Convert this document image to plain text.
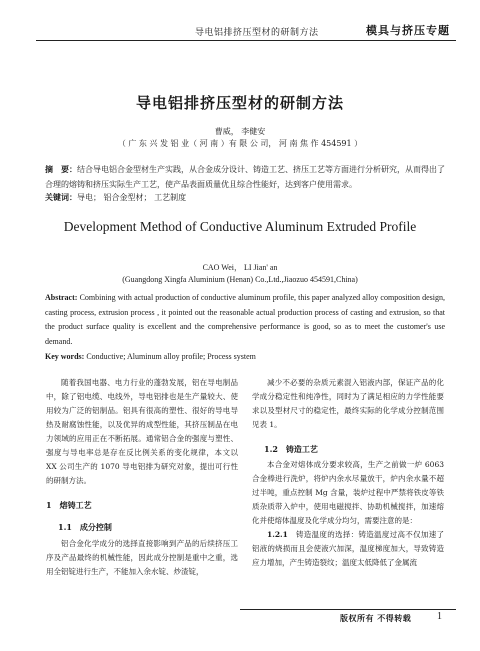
导电铝排挤压型材的研制方法	模具与挤压专题
导电铝排挤压型材的研制方法
曹威， 李健安
（ 广 东 兴 发 铝 业（ 河 南 ）有 限 公 司， 河 南 焦 作 454591 ）
摘　要：结合导电铝合金型材生产实践，从合金成分设计、铸造工艺、挤压工艺等方面进行分析研究，从而得出了合理的熔铸和挤压实际生产工艺，使产品表面质量优且综合性能好，达到客户使用需求。
关键词：导电； 铝合金型材； 工艺制度
Development Method of Conductive Aluminum Extruded Profile
CAO Wei， LI Jian' an
(Guangdong Xingfa Aluminium (Henan) Co.,Ltd.,Jiaozuo 454591,China)
Abstract: Combining with actual production of conductive aluminum profile, this paper analyzed alloy composition design, casting process, extrusion process , it pointed out the reasonable actual production process of casting and extrusion, so that the product surface quality is excellent and the comprehensive performance is good, so as to meet the customer's use demand.
Key words: Conductive; Aluminum alloy profile; Process system

随着我国电器、电力行业的蓬勃发展，铝在导电制品中，除了铝电缆、电线外，导电铝排也是生产量较大、使用较为广泛的铝制品。铝具有很高的塑性、很好的导电导热及耐腐蚀性能，以及优异的成型性能，其挤压制品在电力领域的应用正在不断拓展。通常铝合金的强度与塑性、强度与导电率总是存在反比例关系的变化规律，本文以 XX 公司生产的 1070 导电铝排为研究对象，提出可行性的研制方法。

1　熔铸工艺
1.1　成分控制

铝合金化学成分的选择直接影响到产品的后续挤压工序及产品最终的机械性能，因此成分控制是重中之重，选用全铝锭进行生产，不能加入余水锭、炒渣锭，

减少不必要的杂质元素混入铝液内部，保证产品的化学成分稳定性和纯净性，同时为了满足相应的力学性能要求以及型材尺寸的稳定性，最终实际的化学成分控制范围见表 1。

1.2　铸造工艺

本合金对熔体成分要求较高，生产之前做一炉 6063 合金棒进行洗炉，将炉内余水尽量放干，炉内余水量不超过半吨，重点控制 Mg 含量，装炉过程中严禁将铁皮等铁质杂质带入炉中，使用电磁搅拌、协助机械搅拌，加速熔化并使熔体温度及化学成分均匀，需要注意的是：

1.2.1　铸造温度的选择：铸造温度过高不仅加速了铝液的烧损而且会使液穴加深，温度梯度加大，导致铸造应力增加，产生铸造裂纹；温度太低降低了金属流

版权所有 不得转载	1
